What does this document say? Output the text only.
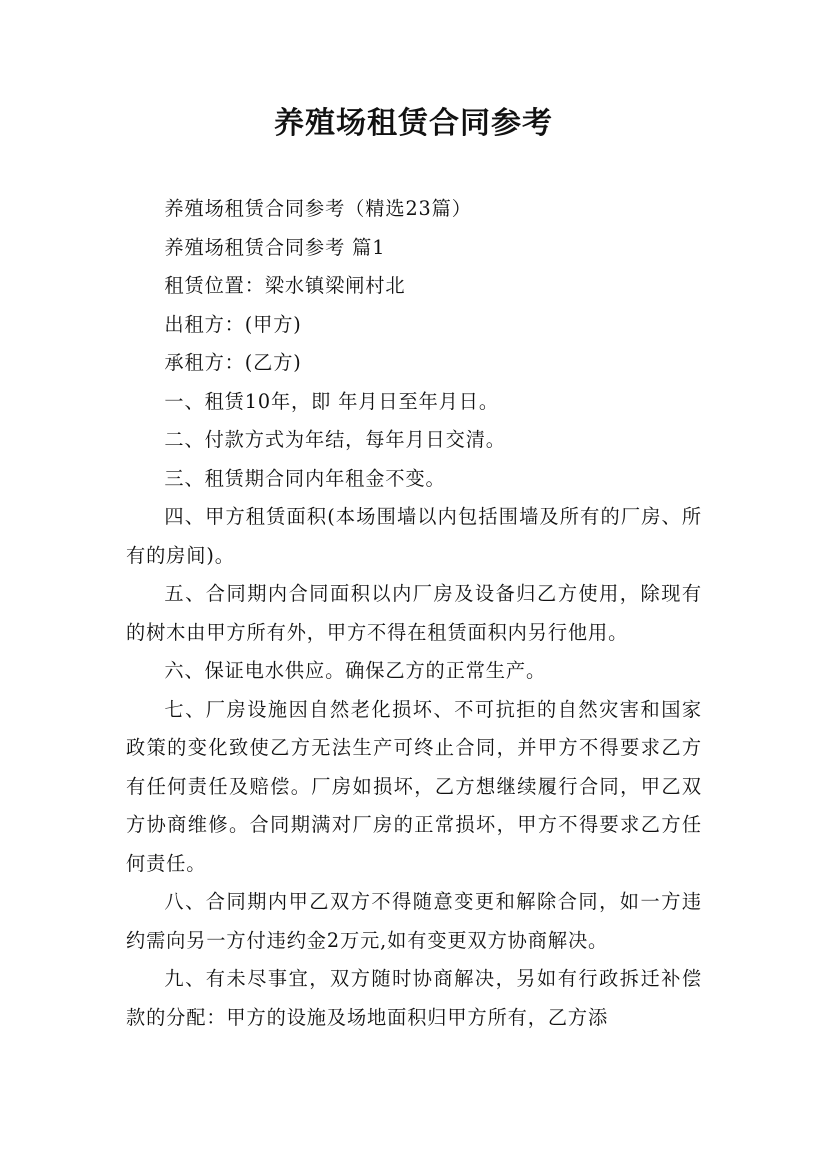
养殖场租赁合同参考

养殖场租赁合同参考（精选23篇）

养殖场租赁合同参考 篇1

租赁位置：梁水镇梁闸村北

出租方：(甲方)

承租方：(乙方)

一、租赁10年，即 年月日至年月日。

二、付款方式为年结，每年月日交清。

三、租赁期合同内年租金不变。

四、甲方租赁面积(本场围墙以内包括围墙及所有的厂房、所有的房间)。

五、合同期内合同面积以内厂房及设备归乙方使用，除现有的树木由甲方所有外，甲方不得在租赁面积内另行他用。

六、保证电水供应。确保乙方的正常生产。

七、厂房设施因自然老化损坏、不可抗拒的自然灾害和国家政策的变化致使乙方无法生产可终止合同，并甲方不得要求乙方有任何责任及赔偿。厂房如损坏，乙方想继续履行合同，甲乙双方协商维修。合同期满对厂房的正常损坏，甲方不得要求乙方任何责任。

八、合同期内甲乙双方不得随意变更和解除合同，如一方违约需向另一方付违约金2万元,如有变更双方协商解决。

九、有未尽事宜，双方随时协商解决，另如有行政拆迁补偿款的分配：甲方的设施及场地面积归甲方所有，乙方添
